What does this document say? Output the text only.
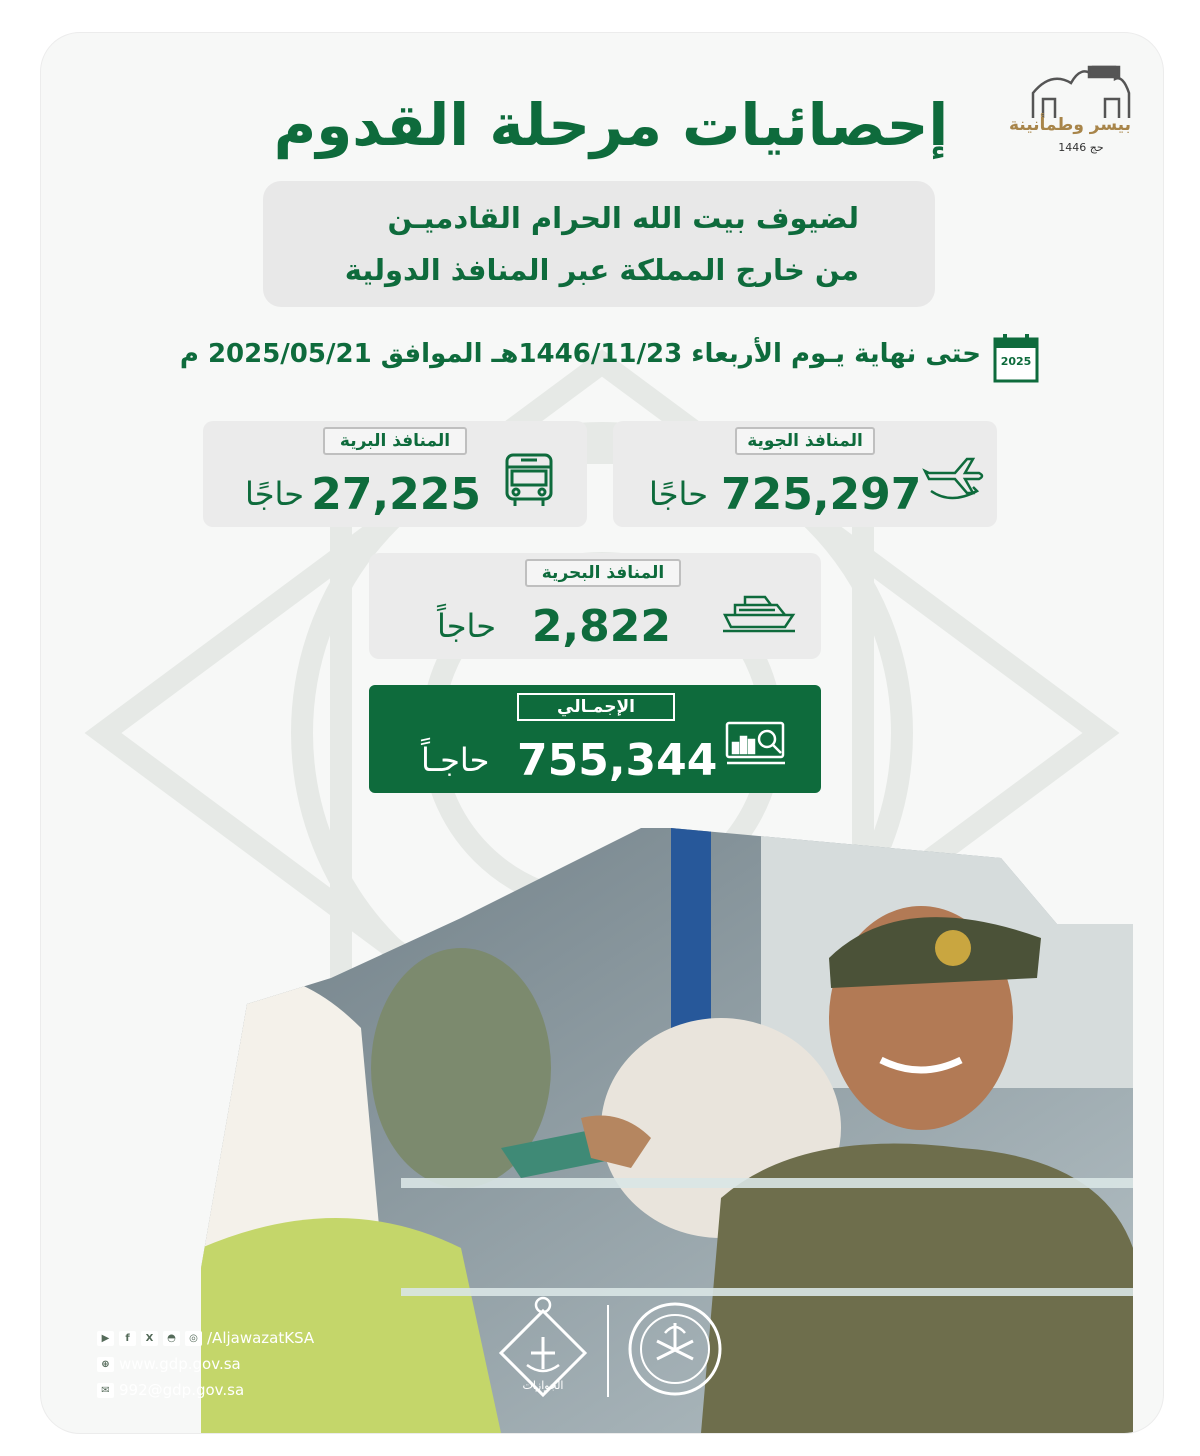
بيسر وطمأنينة
حج 1446
إحصائيات مرحلة القدوم
لضيوف بيت الله الحرام القادميـن
من خارج المملكة عبر المنافذ الدولية
2025
حتى نهاية يـوم الأربعاء 1446/11/23هـ الموافق 2025/05/21 م
المنافذ الجوية
725,297
حاجًا
المنافذ البرية
27,225
حاجًا
المنافذ البحرية
2,822
حاجاً
الإجمـالي
755,344
حاجـاً
▶	f	X	◓	◎ /AljawazatKSA
⊕ www.gdp.gov.sa
✉ 992@gdp.gov.sa	الجوازات
